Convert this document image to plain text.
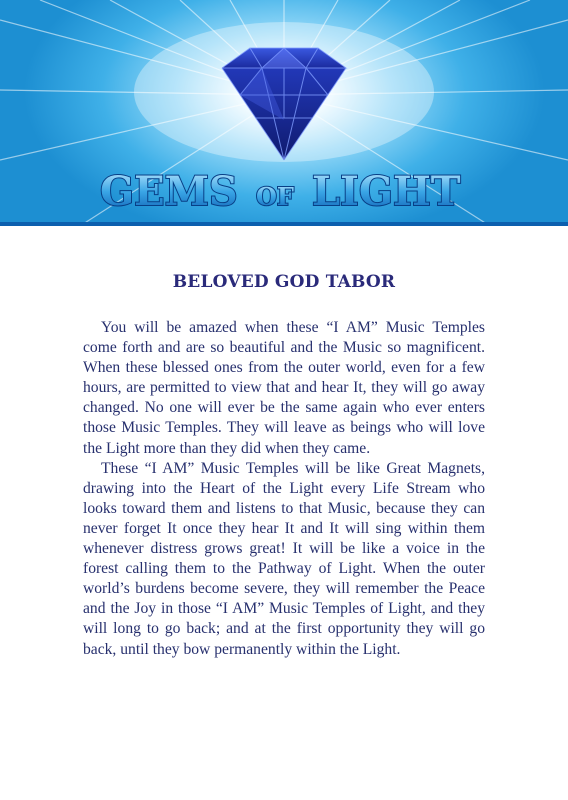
GEMS OF LIGHT
BELOVED GOD TABOR

You will be amazed when these “I AM” Music Temples come forth and are so beautiful and the Music so magnificent. When these blessed ones from the outer world, even for a few hours, are permitted to view that and hear It, they will go away changed. No one will ever be the same again who ever enters those Music Temples. They will leave as beings who will love the Light more than they did when they came.

These “I AM” Music Temples will be like Great Magnets, drawing into the Heart of the Light every Life Stream who looks toward them and listens to that Music, because they can never forget It once they hear It and It will sing within them whenever distress grows great! It will be like a voice in the forest calling them to the Pathway of Light. When the outer world’s burdens become severe, they will remember the Peace and the Joy in those “I AM” Music Temples of Light, and they will long to go back; and at the first opportunity they will go back, until they bow permanently within the Light.
